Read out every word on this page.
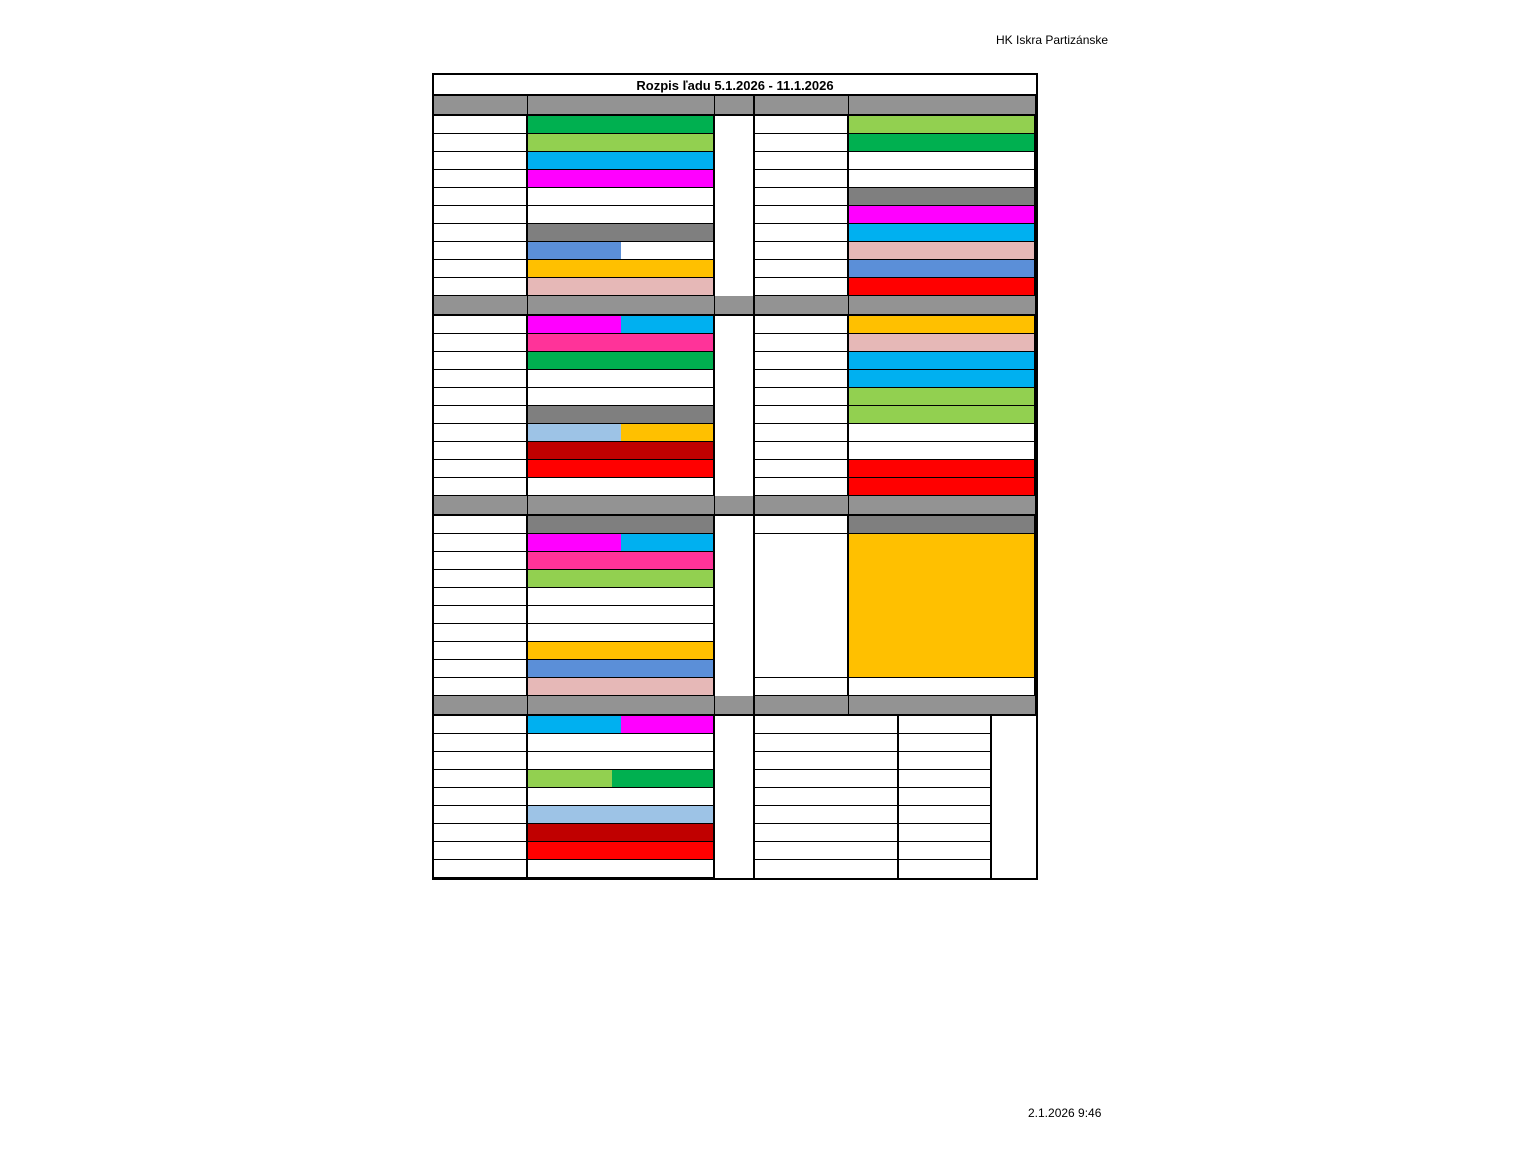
HK Iskra Partizánske
Rozpis ľadu 5.1.2026 - 11.1.2026
2.1.2026 9:46
